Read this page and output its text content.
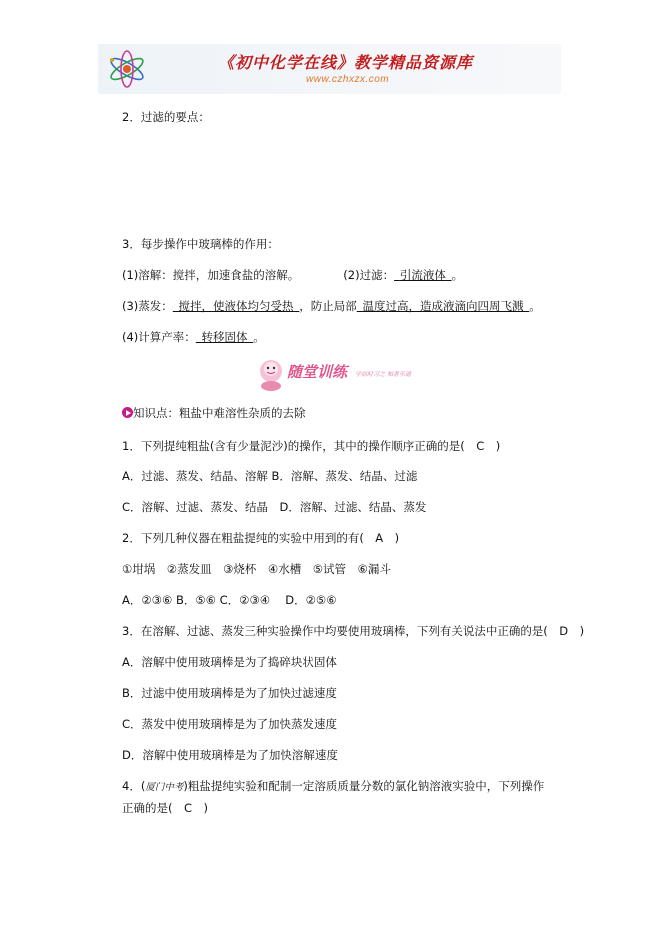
《初中化学在线》教学精品资源库
www.czhxzx.com
2．过滤的要点：
3．每步操作中玻璃棒的作用：
(1)溶解：搅拌，加速食盐的溶解。	(2)过滤：  引流液体  。
(3)蒸发：  搅拌，使液体均匀受热  ，防止局部  温度过高，造成液滴向四周飞溅  。
(4)计算产率：  转移固体  。
随堂训练	学而时习之 知者乐道
知识点：粗盐中难溶性杂质的去除
1．下列提纯粗盐(含有少量泥沙)的操作，其中的操作顺序正确的是(　C　)
A．过滤、蒸发、结晶、溶解 B．溶解、蒸发、结晶、过滤
C．溶解、过滤、蒸发、结晶　D．溶解、过滤、结晶、蒸发
2．下列几种仪器在粗盐提纯的实验中用到的有(　A　)
①坩埚　②蒸发皿　③烧杯　④水槽　⑤试管　⑥漏斗
A．②③⑥ B．⑤⑥ C．②③④　 D．②⑤⑥
3．在溶解、过滤、蒸发三种实验操作中均要使用玻璃棒，下列有关说法中正确的是(　D　)
A．溶解中使用玻璃棒是为了捣碎块状固体
B．过滤中使用玻璃棒是为了加快过滤速度
C．蒸发中使用玻璃棒是为了加快蒸发速度
D．溶解中使用玻璃棒是为了加快溶解速度
4．(厦门中考)粗盐提纯实验和配制一定溶质质量分数的氯化钠溶液实验中，下列操作
正确的是(　C　)
